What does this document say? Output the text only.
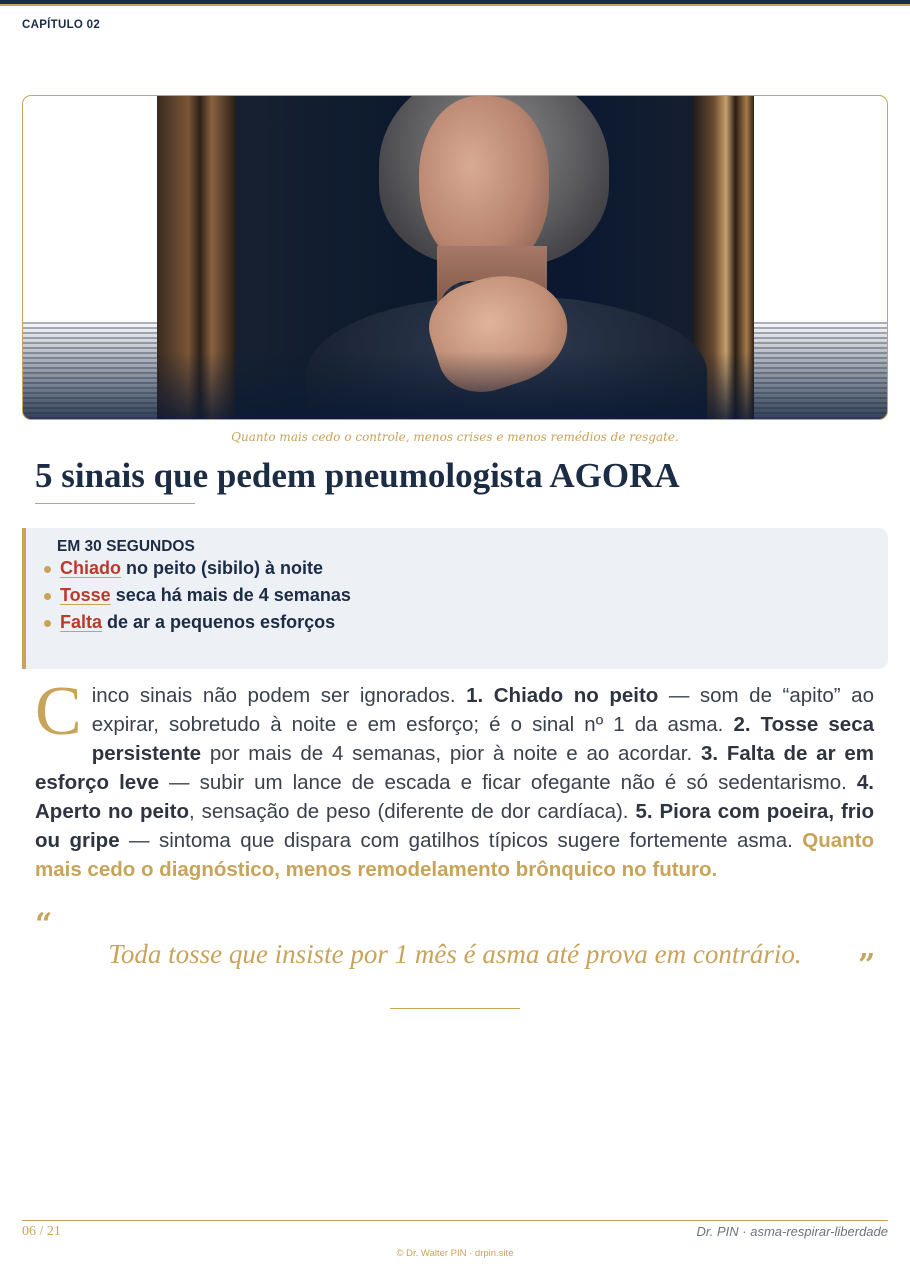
CAPÍTULO 02
Quanto mais cedo o controle, menos crises e menos remédios de resgate.
5 sinais que pedem pneumologista AGORA
EM 30 SEGUNDOS
Chiado no peito (sibilo) à noite
Tosse seca há mais de 4 semanas
Falta de ar a pequenos esforços

Cinco sinais não podem ser ignorados. 1. Chiado no peito — som de “apito” ao expirar, sobretudo à noite e em esforço; é o sinal nº 1 da asma. 2. Tosse seca persistente por mais de 4 semanas, pior à noite e ao acordar. 3. Falta de ar em esforço leve — subir um lance de escada e ficar ofegante não é só sedentarismo. 4. Aperto no peito, sensação de peso (diferente de dor cardíaca). 5. Piora com poeira, frio ou gripe — sintoma que dispara com gatilhos típicos sugere fortemente asma. Quanto mais cedo o diagnóstico, menos remodelamento brônquico no futuro.

“
Toda tosse que insiste por 1 mês é asma até prova em contrário.	”
06 / 21	Dr. PIN · asma-respirar-liberdade
© Dr. Walter PIN · drpin.site
